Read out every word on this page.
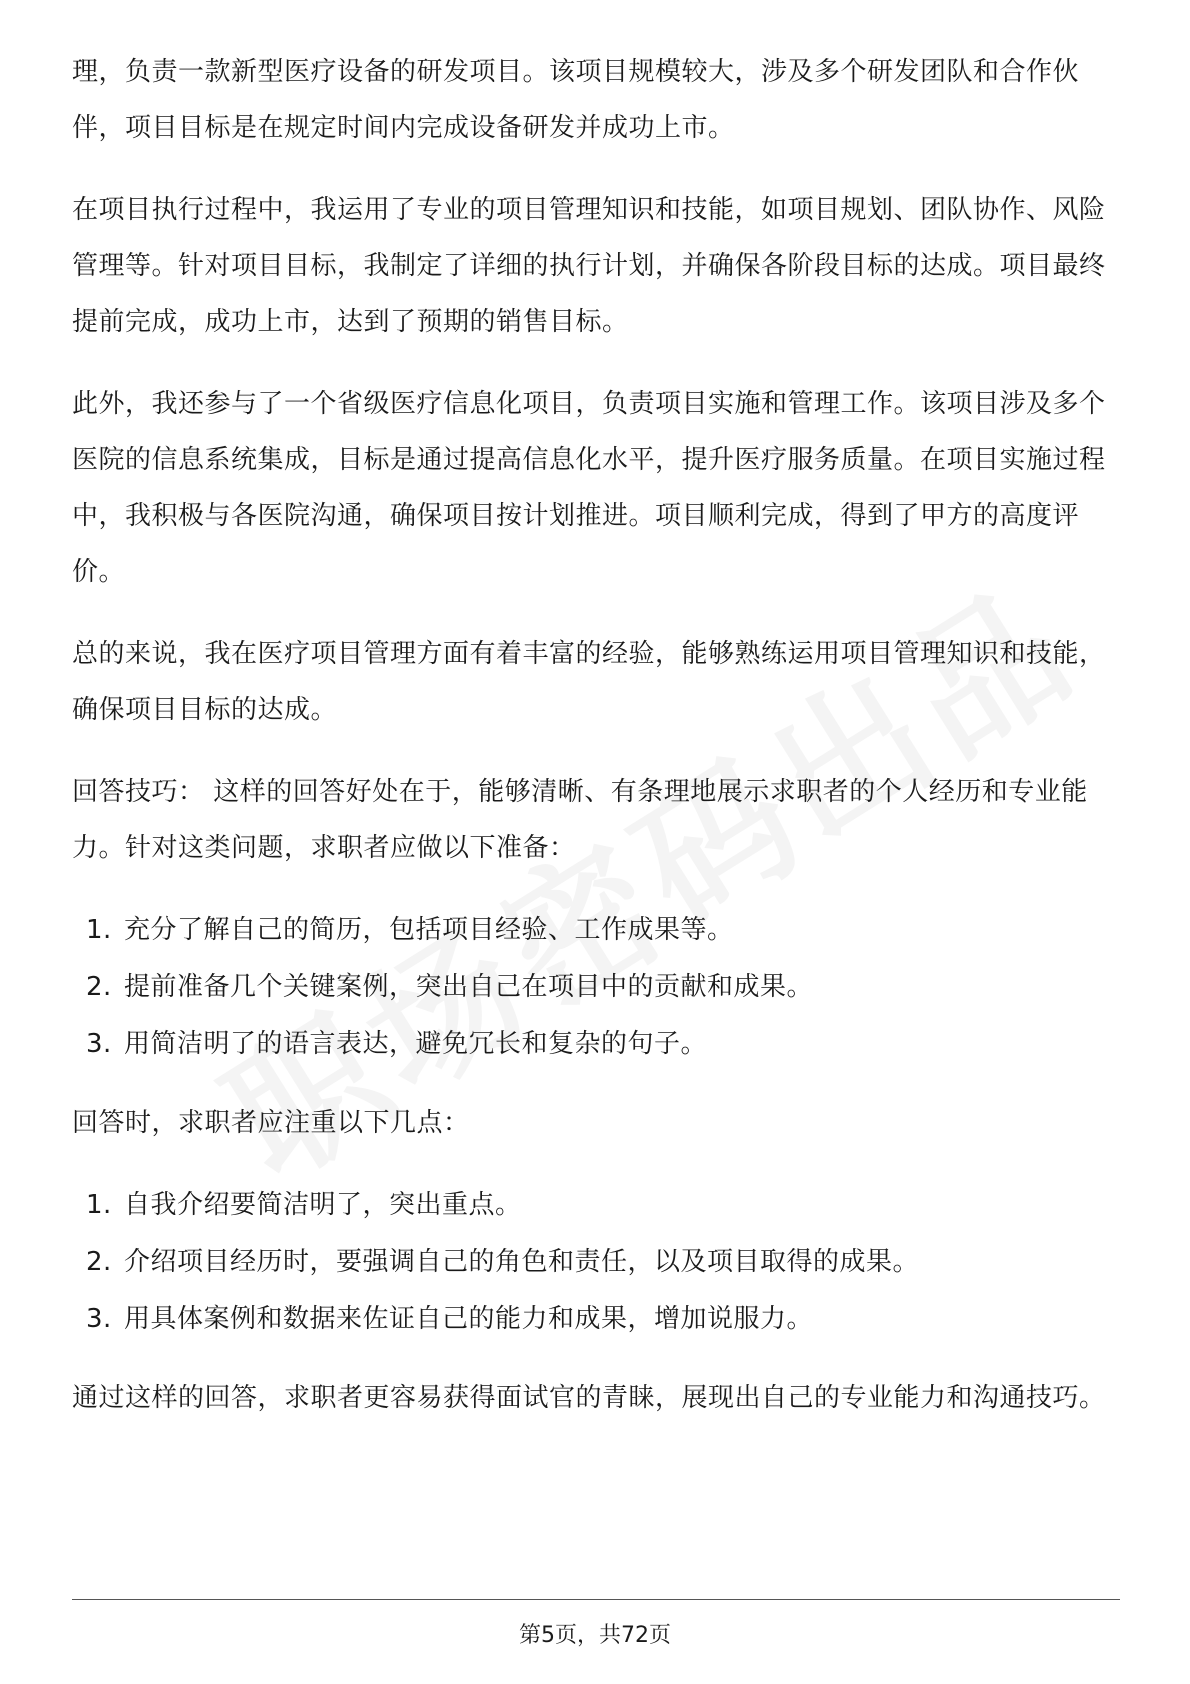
理，负责一款新型医疗设备的研发项目。该项目规模较大，涉及多个研发团队和合作伙伴，项目目标是在规定时间内完成设备研发并成功上市。

在项目执行过程中，我运用了专业的项目管理知识和技能，如项目规划、团队协作、风险管理等。针对项目目标，我制定了详细的执行计划，并确保各阶段目标的达成。项目最终提前完成，成功上市，达到了预期的销售目标。

此外，我还参与了一个省级医疗信息化项目，负责项目实施和管理工作。该项目涉及多个医院的信息系统集成，目标是通过提高信息化水平，提升医疗服务质量。在项目实施过程中，我积极与各医院沟通，确保项目按计划推进。项目顺利完成，得到了甲方的高度评价。

总的来说，我在医疗项目管理方面有着丰富的经验，能够熟练运用项目管理知识和技能，确保项目目标的达成。

回答技巧： 这样的回答好处在于，能够清晰、有条理地展示求职者的个人经历和专业能力。针对这类问题，求职者应做以下准备：

1. 充分了解自己的简历，包括项目经验、工作成果等。
2. 提前准备几个关键案例，突出自己在项目中的贡献和成果。
3. 用简洁明了的语言表达，避免冗长和复杂的句子。

回答时，求职者应注重以下几点：

1. 自我介绍要简洁明了，突出重点。
2. 介绍项目经历时，要强调自己的角色和责任，以及项目取得的成果。
3. 用具体案例和数据来佐证自己的能力和成果，增加说服力。

通过这样的回答，求职者更容易获得面试官的青睐，展现出自己的专业能力和沟通技巧。

第5页，共72页
